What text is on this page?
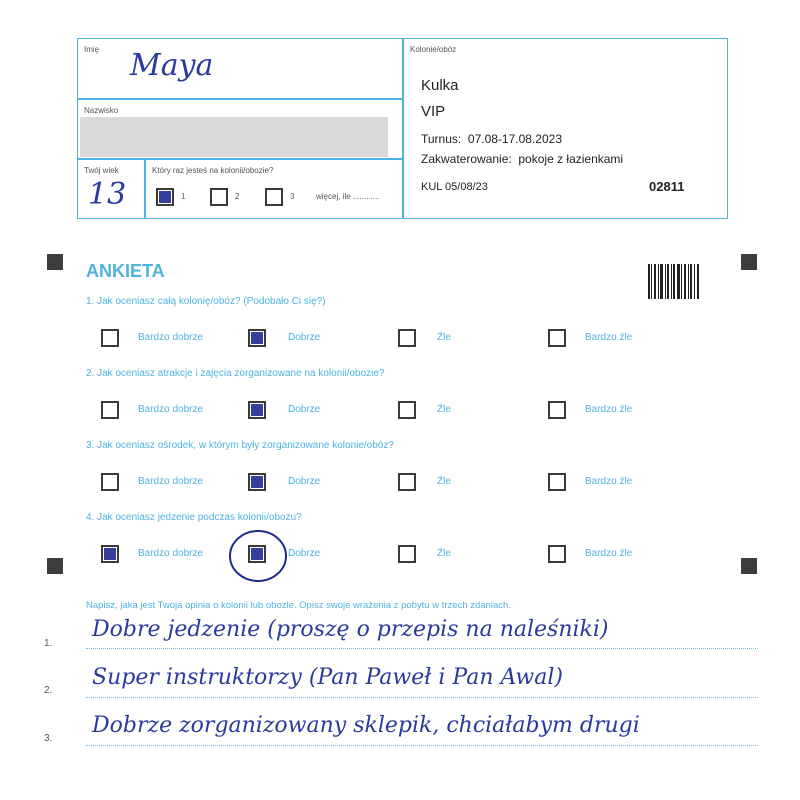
Imię Maya
Nazwisko
Twój wiek
13
Który raz jesteś na kolonii/obozie?
1	2	3	więcej, ile ............
Kolonie/obóz
Kulka
VIP
Turnus:  07.08-17.08.2023
Zakwaterowanie:  pokoje z łazienkami
KUL 05/08/23	02811
ANKIETA
1. Jak oceniasz całą kolonię/obóz? (Podobało Ci się?)
Bardzo dobrze	Dobrze	Źle	Bardzo źle
2. Jak oceniasz atrakcje i zajęcia zorganizowane na kolonii/obozie?
Bardzo dobrze	Dobrze	Źle	Bardzo źle
3. Jak oceniasz ośrodek, w którym były zorganizowane kolonie/obóz?
Bardzo dobrze	Dobrze	Źle	Bardzo źle
4. Jak oceniasz jedzenie podczas kolonii/obozu?
Bardzo dobrze	Dobrze	Źle	Bardzo źle
Napisz, jaka jest Twoja opinia o kolonii lub obozie. Opisz swoje wrażenia z pobytu w trzech zdaniach.
1.
Dobre jedzenie (proszę o przepis na naleśniki)
2.
Super instruktorzy (Pan Paweł i Pan Awal)
3.
Dobrze zorganizowany sklepik, chciałabym drugi
